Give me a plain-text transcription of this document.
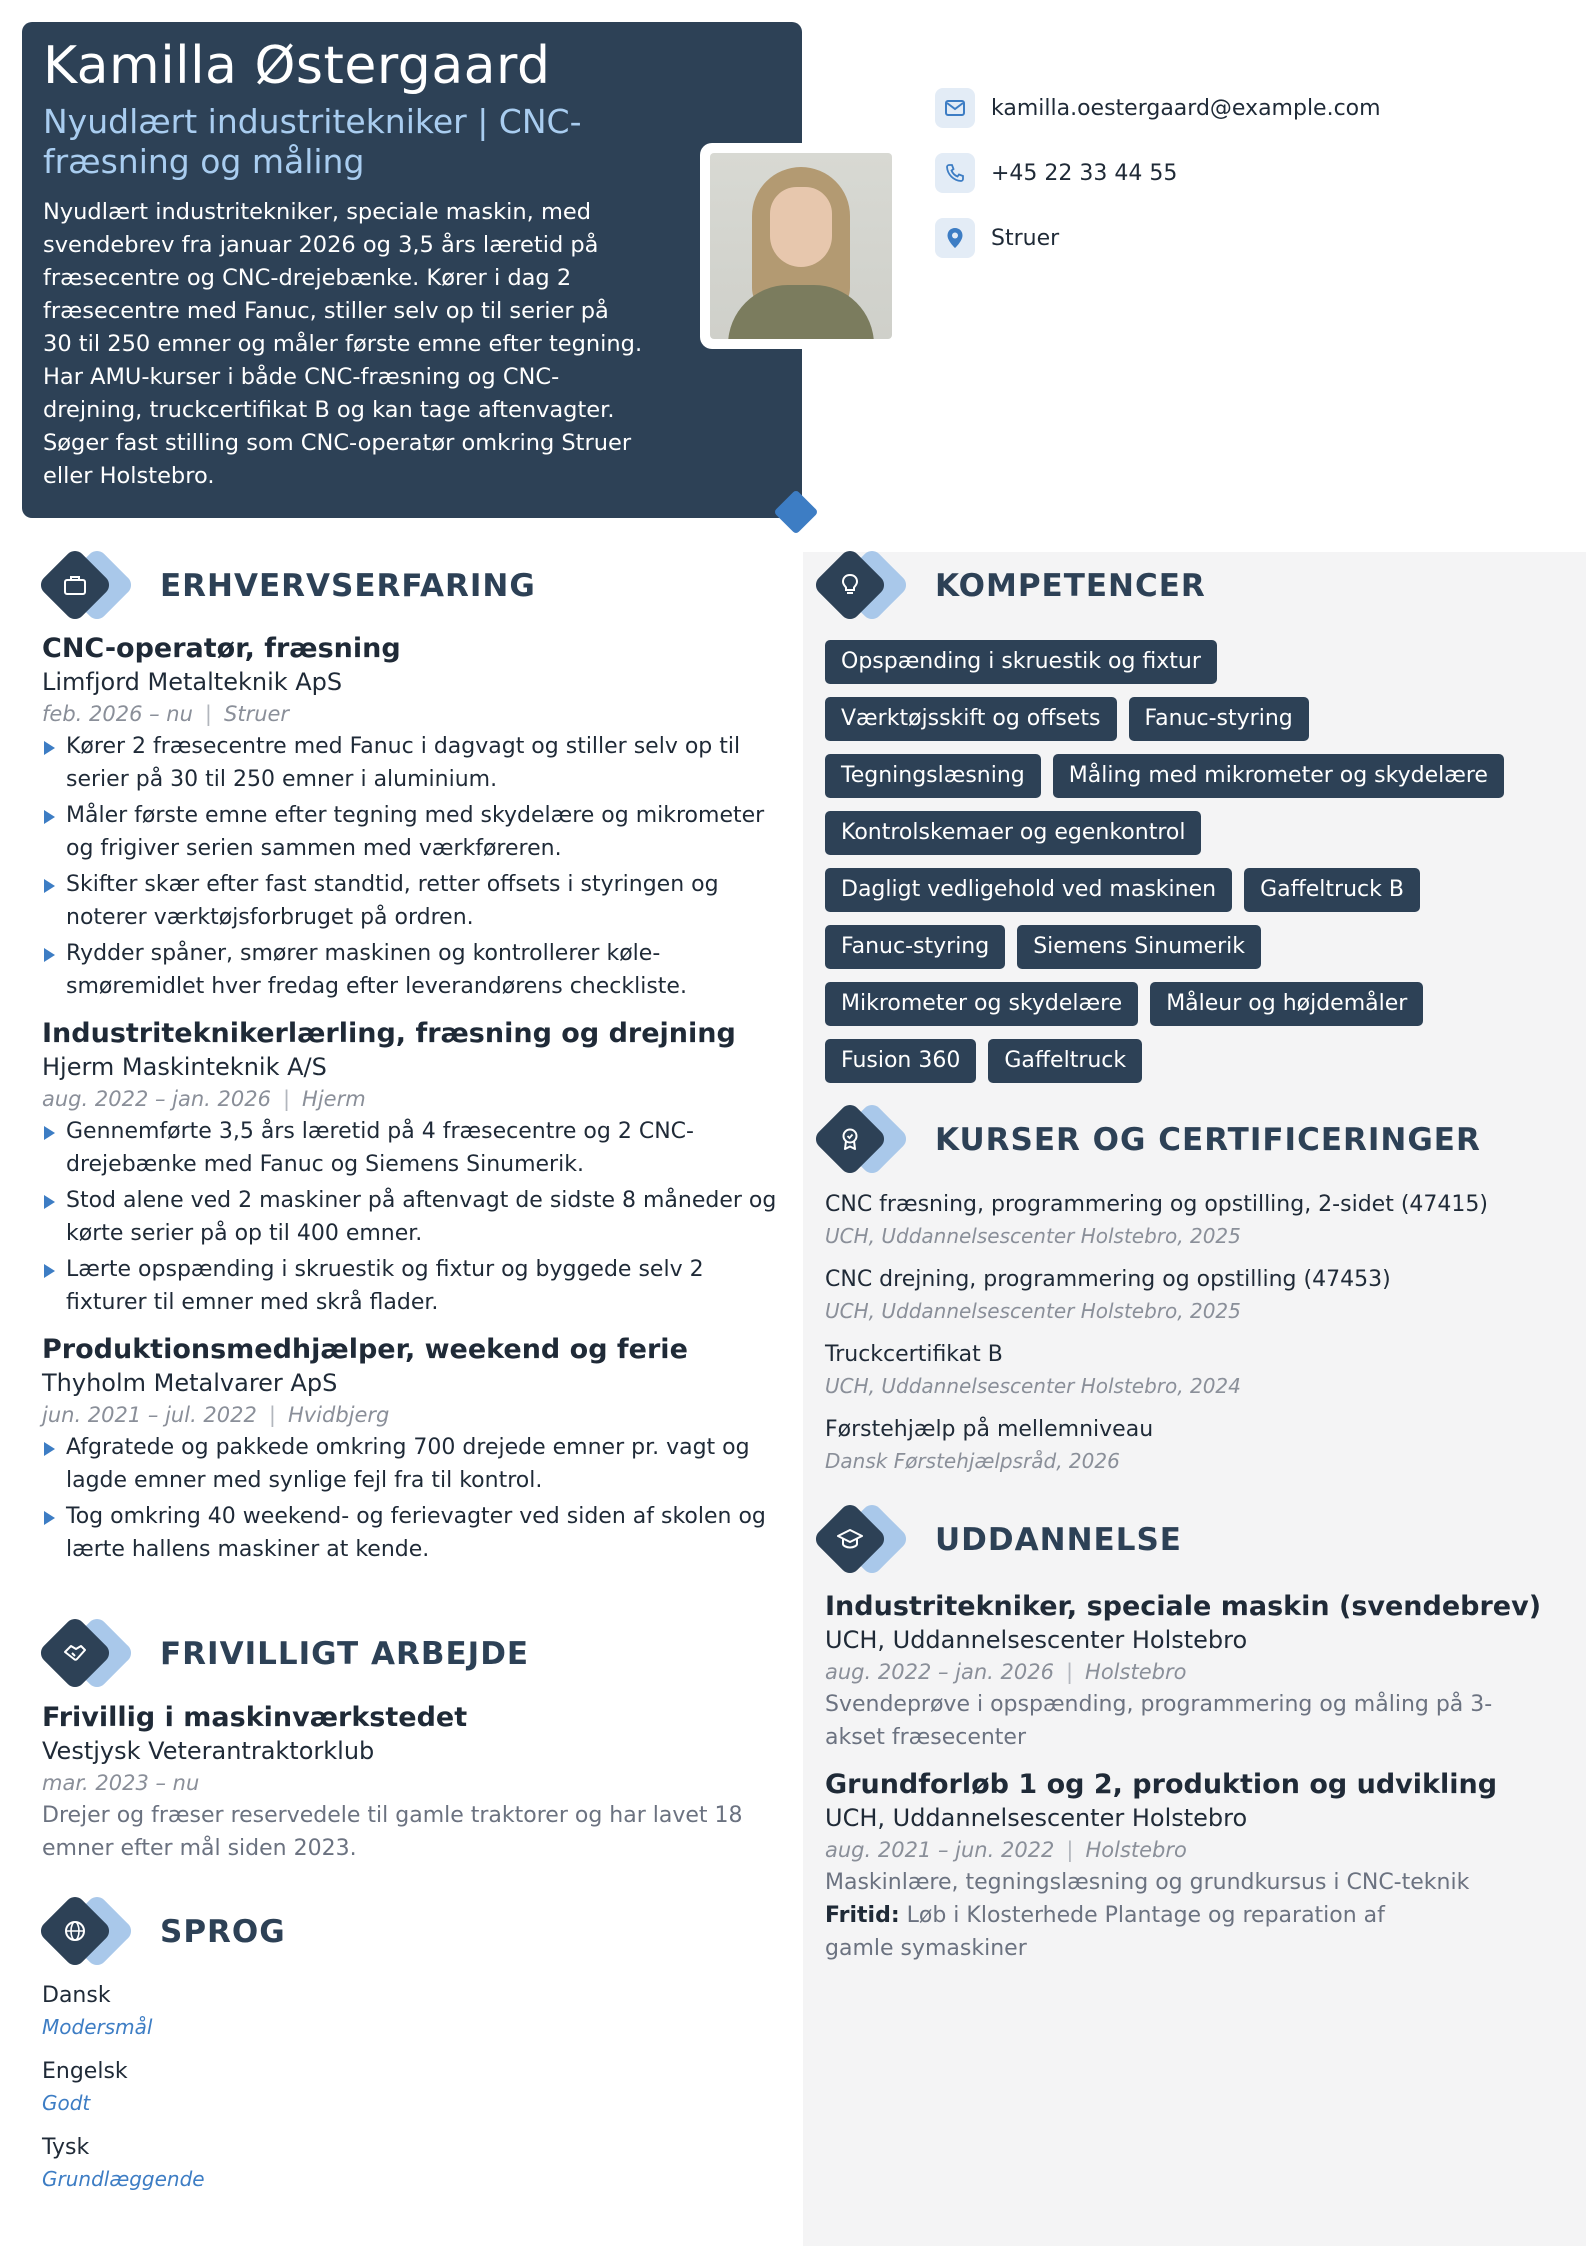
Kamilla Østergaard
Nyudlært industritekniker | CNC-fræsning og måling

Nyudlært industritekniker, speciale maskin, med svendebrev fra januar 2026 og 3,5 års læretid på fræsecentre og CNC-drejebænke. Kører i dag 2 fræsecentre med Fanuc, stiller selv op til serier på 30 til 250 emner og måler første emne efter tegning. Har AMU-kurser i både CNC-fræsning og CNC-drejning, truckcertifikat B og kan tage aftenvagter. Søger fast stilling som CNC-operatør omkring Struer eller Holstebro.

kamilla.oestergaard@example.com
+45 22 33 44 55
Struer
ERHVERVSERFARING
CNC-operatør, fræsning
Limfjord Metalteknik ApS
feb. 2026 – nu | Struer
Kører 2 fræsecentre med Fanuc i dagvagt og stiller selv op til serier på 30 til 250 emner i aluminium.
Måler første emne efter tegning med skydelære og mikrometer og frigiver serien sammen med værkføreren.
Skifter skær efter fast standtid, retter offsets i styringen og noterer værktøjsforbruget på ordren.
Rydder spåner, smører maskinen og kontrollerer køle-smøremidlet hver fredag efter leverandørens checkliste.
Industriteknikerlærling, fræsning og drejning
Hjerm Maskinteknik A/S
aug. 2022 – jan. 2026 | Hjerm
Gennemførte 3,5 års læretid på 4 fræsecentre og 2 CNC-drejebænke med Fanuc og Siemens Sinumerik.
Stod alene ved 2 maskiner på aftenvagt de sidste 8 måneder og kørte serier på op til 400 emner.
Lærte opspænding i skruestik og fixtur og byggede selv 2 fixturer til emner med skrå flader.
Produktionsmedhjælper, weekend og ferie
Thyholm Metalvarer ApS
jun. 2021 – jul. 2022 | Hvidbjerg
Afgratede og pakkede omkring 700 drejede emner pr. vagt og lagde emner med synlige fejl fra til kontrol.
Tog omkring 40 weekend- og ferievagter ved siden af skolen og lærte hallens maskiner at kende.
FRIVILLIGT ARBEJDE
Frivillig i maskinværkstedet
Vestjysk Veterantraktorklub
mar. 2023 – nu
Drejer og fræser reservedele til gamle traktorer og har lavet 18 emner efter mål siden 2023.
SPROG
Dansk
Modersmål
Engelsk
Godt
Tysk
Grundlæggende
KOMPETENCER
Opspænding i skruestik og fixtur
Værktøjsskift og offsets	Fanuc-styring
Tegningslæsning	Måling med mikrometer og skydelære
Kontrolskemaer og egenkontrol
Dagligt vedligehold ved maskinen	Gaffeltruck B
Fanuc-styring	Siemens Sinumerik
Mikrometer og skydelære	Måleur og højdemåler
Fusion 360	Gaffeltruck
KURSER OG CERTIFICERINGER
CNC fræsning, programmering og opstilling, 2-sidet (47415)
UCH, Uddannelsescenter Holstebro, 2025
CNC drejning, programmering og opstilling (47453)
UCH, Uddannelsescenter Holstebro, 2025
Truckcertifikat B
UCH, Uddannelsescenter Holstebro, 2024
Førstehjælp på mellemniveau
Dansk Førstehjælpsråd, 2026
UDDANNELSE
Industritekniker, speciale maskin (svendebrev)
UCH, Uddannelsescenter Holstebro
aug. 2022 – jan. 2026 | Holstebro
Svendeprøve i opspænding, programmering og måling på 3-akset fræsecenter
Grundforløb 1 og 2, produktion og udvikling
UCH, Uddannelsescenter Holstebro
aug. 2021 – jun. 2022 | Holstebro
Maskinlære, tegningslæsning og grundkursus i CNC-teknik
Fritid: Løb i Klosterhede Plantage og reparation af gamle symaskiner
